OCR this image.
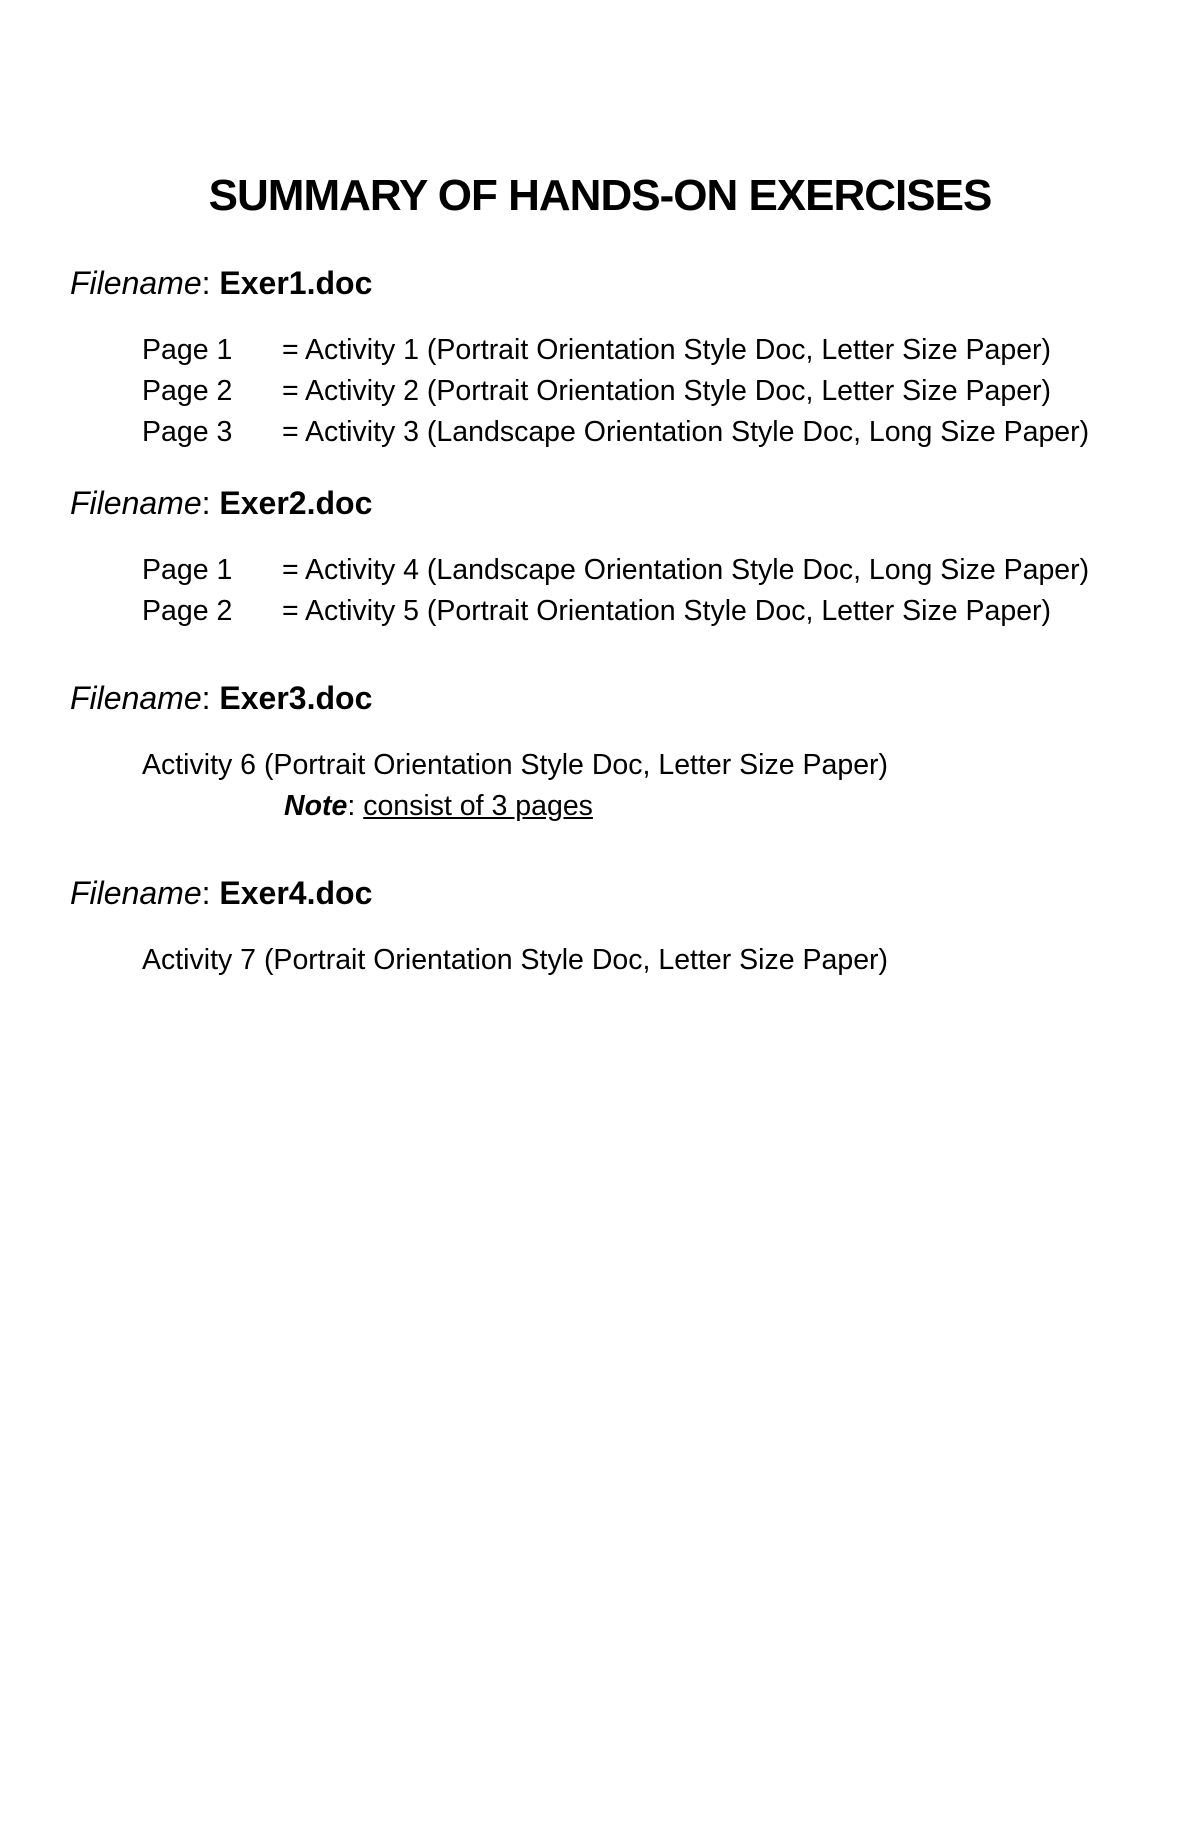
SUMMARY OF HANDS-ON EXERCISES
Filename: Exer1.doc
Page 1	= Activity 1 (Portrait Orientation Style Doc, Letter Size Paper)
Page 2	= Activity 2 (Portrait Orientation Style Doc, Letter Size Paper)
Page 3	= Activity 3 (Landscape Orientation Style Doc, Long Size Paper)
Filename: Exer2.doc
Page 1	= Activity 4 (Landscape Orientation Style Doc, Long Size Paper)
Page 2	= Activity 5 (Portrait Orientation Style Doc, Letter Size Paper)
Filename: Exer3.doc
Activity 6 (Portrait Orientation Style Doc, Letter Size Paper)
Note: consist of 3 pages
Filename: Exer4.doc
Activity 7 (Portrait Orientation Style Doc, Letter Size Paper)
